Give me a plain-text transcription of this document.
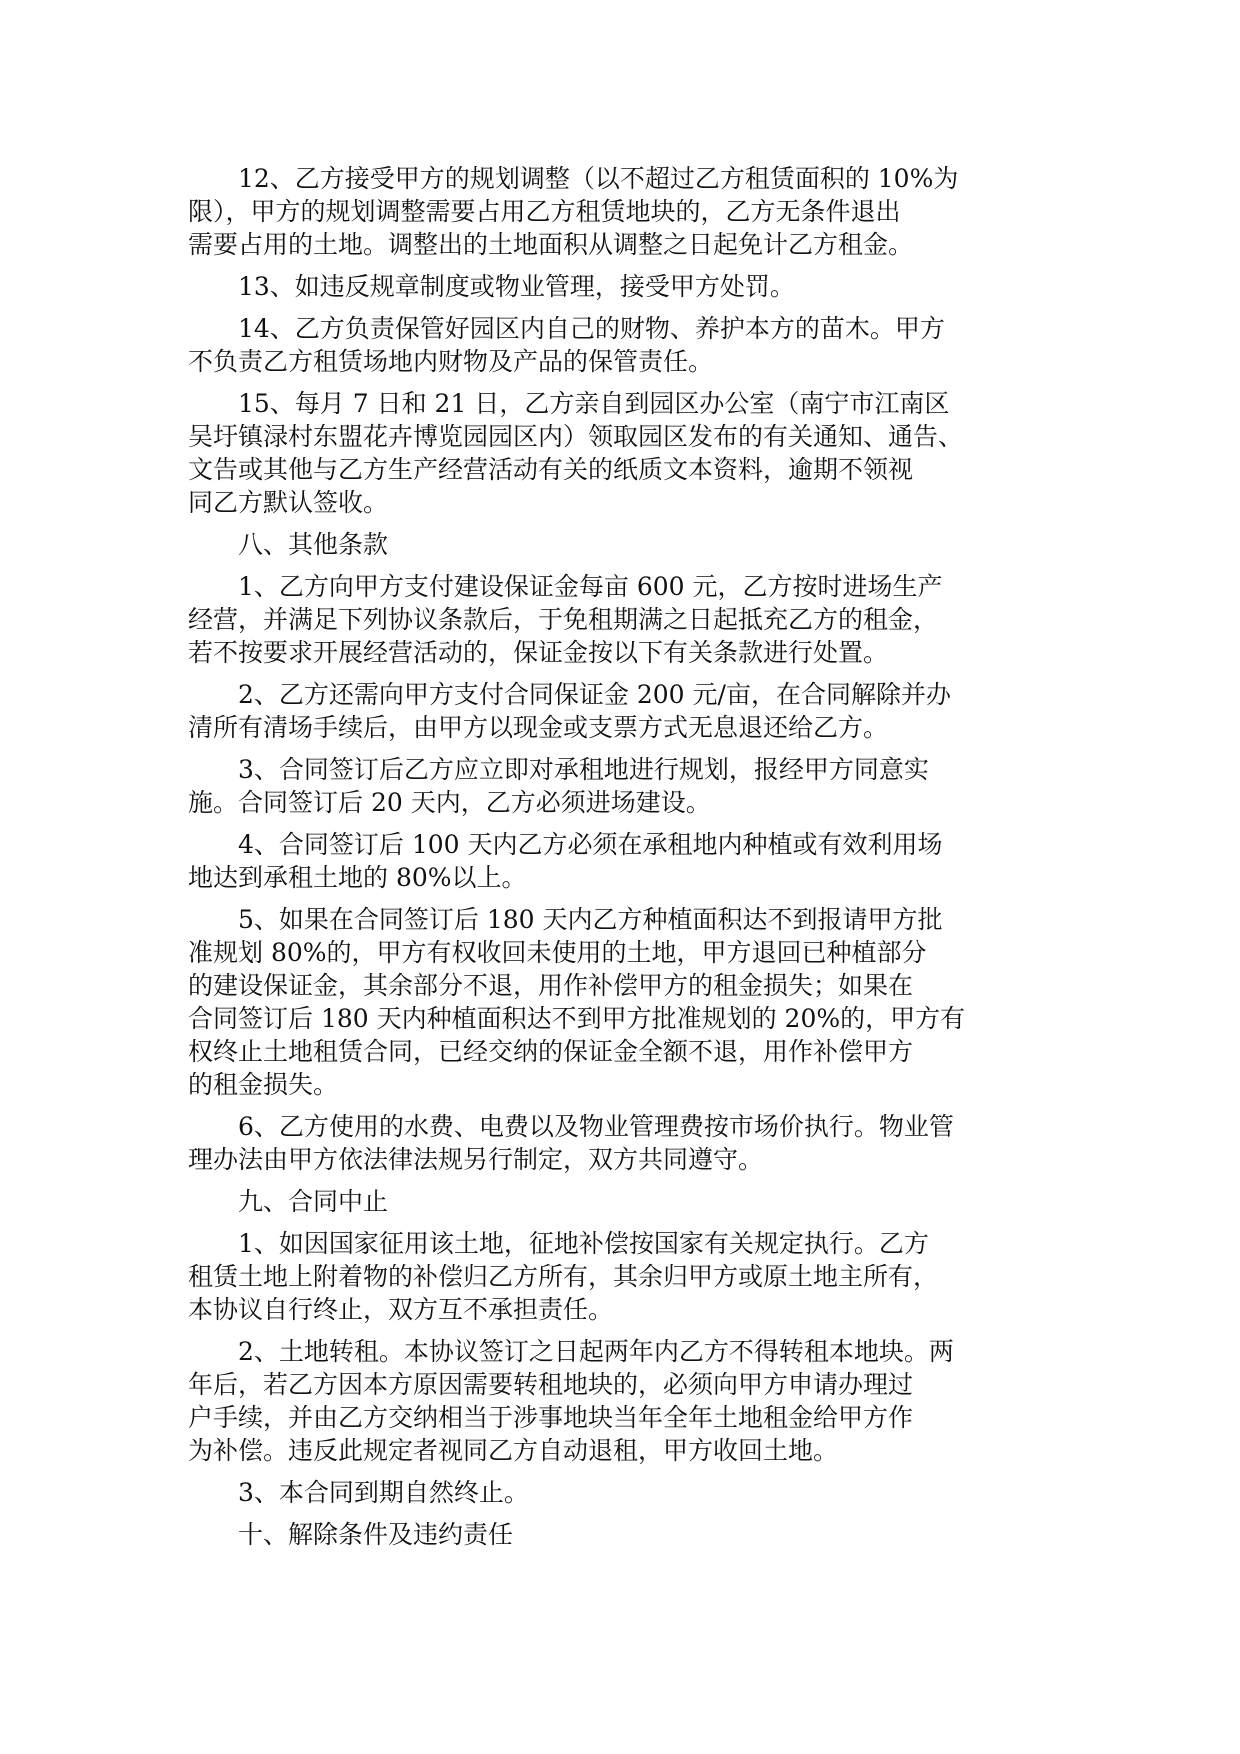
　　12、乙方接受甲方的规划调整（以不超过乙方租赁面积的 10%为
限），甲方的规划调整需要占用乙方租赁地块的，乙方无条件退出
需要占用的土地。调整出的土地面积从调整之日起免计乙方租金。

　　13、如违反规章制度或物业管理，接受甲方处罚。

　　14、乙方负责保管好园区内自己的财物、养护本方的苗木。甲方
不负责乙方租赁场地内财物及产品的保管责任。

　　15、每月 7 日和 21 日，乙方亲自到园区办公室（南宁市江南区
吴圩镇渌村东盟花卉博览园园区内）领取园区发布的有关通知、通告、
文告或其他与乙方生产经营活动有关的纸质文本资料，逾期不领视
同乙方默认签收。

　　八、其他条款

　　1、乙方向甲方支付建设保证金每亩 600 元，乙方按时进场生产
经营，并满足下列协议条款后，于免租期满之日起抵充乙方的租金，
若不按要求开展经营活动的，保证金按以下有关条款进行处置。

　　2、乙方还需向甲方支付合同保证金 200 元/亩，在合同解除并办
清所有清场手续后，由甲方以现金或支票方式无息退还给乙方。

　　3、合同签订后乙方应立即对承租地进行规划，报经甲方同意实
施。合同签订后 20 天内，乙方必须进场建设。

　　4、合同签订后 100 天内乙方必须在承租地内种植或有效利用场
地达到承租土地的 80%以上。

　　5、如果在合同签订后 180 天内乙方种植面积达不到报请甲方批
准规划 80%的，甲方有权收回未使用的土地，甲方退回已种植部分
的建设保证金，其余部分不退，用作补偿甲方的租金损失；如果在
合同签订后 180 天内种植面积达不到甲方批准规划的 20%的，甲方有
权终止土地租赁合同，已经交纳的保证金全额不退，用作补偿甲方
的租金损失。

　　6、乙方使用的水费、电费以及物业管理费按市场价执行。物业管
理办法由甲方依法律法规另行制定，双方共同遵守。

　　九、合同中止

　　1、如因国家征用该土地，征地补偿按国家有关规定执行。乙方
租赁土地上附着物的补偿归乙方所有，其余归甲方或原土地主所有，
本协议自行终止，双方互不承担责任。

　　2、土地转租。本协议签订之日起两年内乙方不得转租本地块。两
年后，若乙方因本方原因需要转租地块的，必须向甲方申请办理过
户手续，并由乙方交纳相当于涉事地块当年全年土地租金给甲方作
为补偿。违反此规定者视同乙方自动退租，甲方收回土地。

　　3、本合同到期自然终止。

　　十、解除条件及违约责任
